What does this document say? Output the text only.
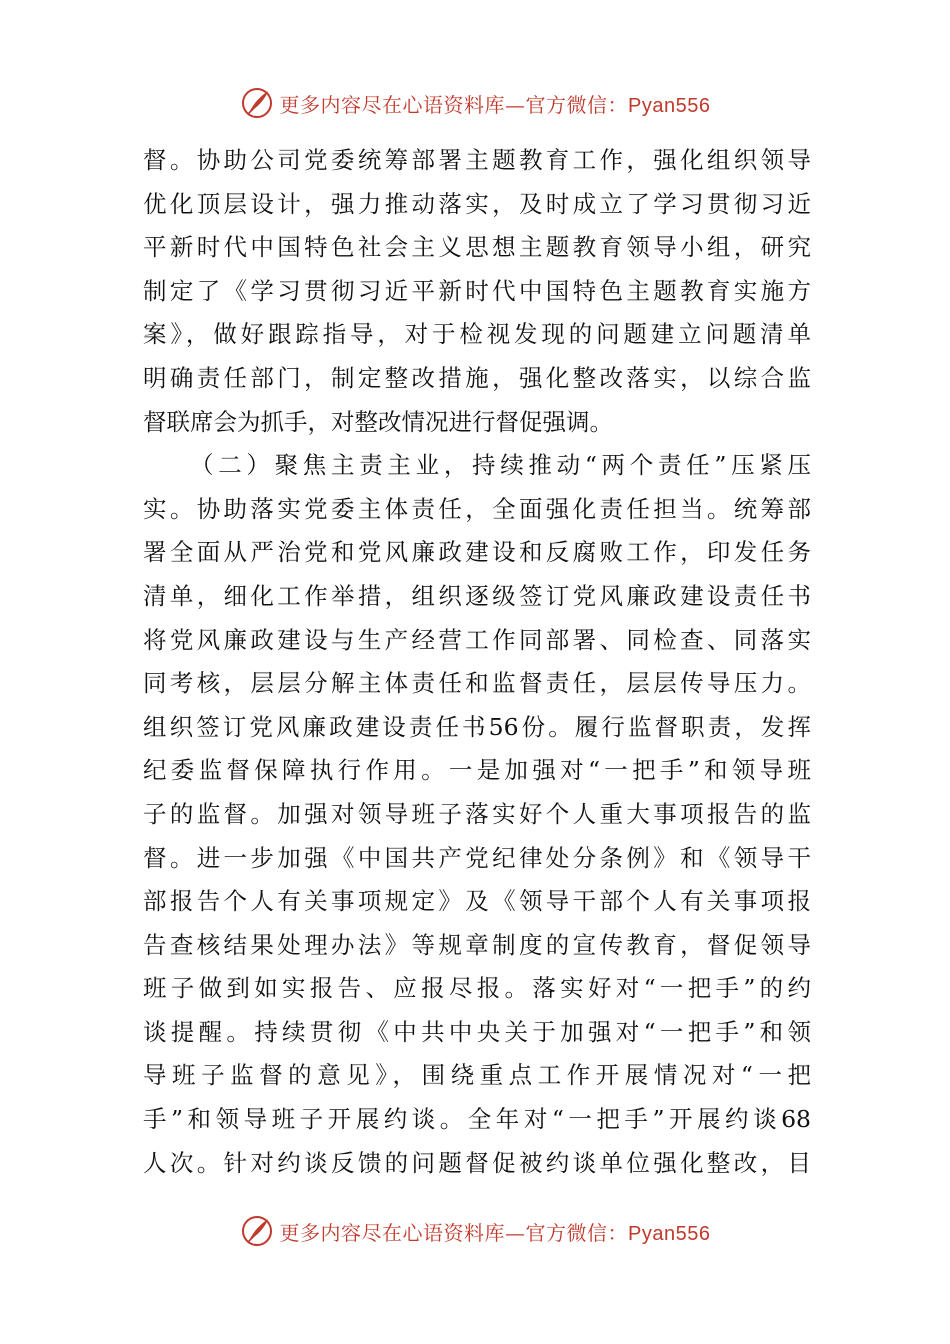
更多内容尽在心语资料库—官方微信：Pyan556
督。协助公司党委统筹部署主题教育工作，强化组织领导
优化顶层设计，强力推动落实，及时成立了学习贯彻习近
平新时代中国特色社会主义思想主题教育领导小组，研究
制定了《学习贯彻习近平新时代中国特色主题教育实施方
案》，做好跟踪指导，对于检视发现的问题建立问题清单
明确责任部门，制定整改措施，强化整改落实，以综合监
督联席会为抓手，对整改情况进行督促强调。
（二）聚焦主责主业，持续推动“两个责任”压紧压
实。协助落实党委主体责任，全面强化责任担当。统筹部
署全面从严治党和党风廉政建设和反腐败工作，印发任务
清单，细化工作举措，组织逐级签订党风廉政建设责任书
将党风廉政建设与生产经营工作同部署、同检查、同落实
同考核，层层分解主体责任和监督责任，层层传导压力。
组织签订党风廉政建设责任书56份。履行监督职责，发挥
纪委监督保障执行作用。一是加强对“一把手”和领导班
子的监督。加强对领导班子落实好个人重大事项报告的监
督。进一步加强《中国共产党纪律处分条例》和《领导干
部报告个人有关事项规定》及《领导干部个人有关事项报
告查核结果处理办法》等规章制度的宣传教育，督促领导
班子做到如实报告、应报尽报。落实好对“一把手”的约
谈提醒。持续贯彻《中共中央关于加强对“一把手”和领
导班子监督的意见》，围绕重点工作开展情况对“一把
手”和领导班子开展约谈。全年对“一把手”开展约谈68
人次。针对约谈反馈的问题督促被约谈单位强化整改，目
更多内容尽在心语资料库—官方微信：Pyan556
